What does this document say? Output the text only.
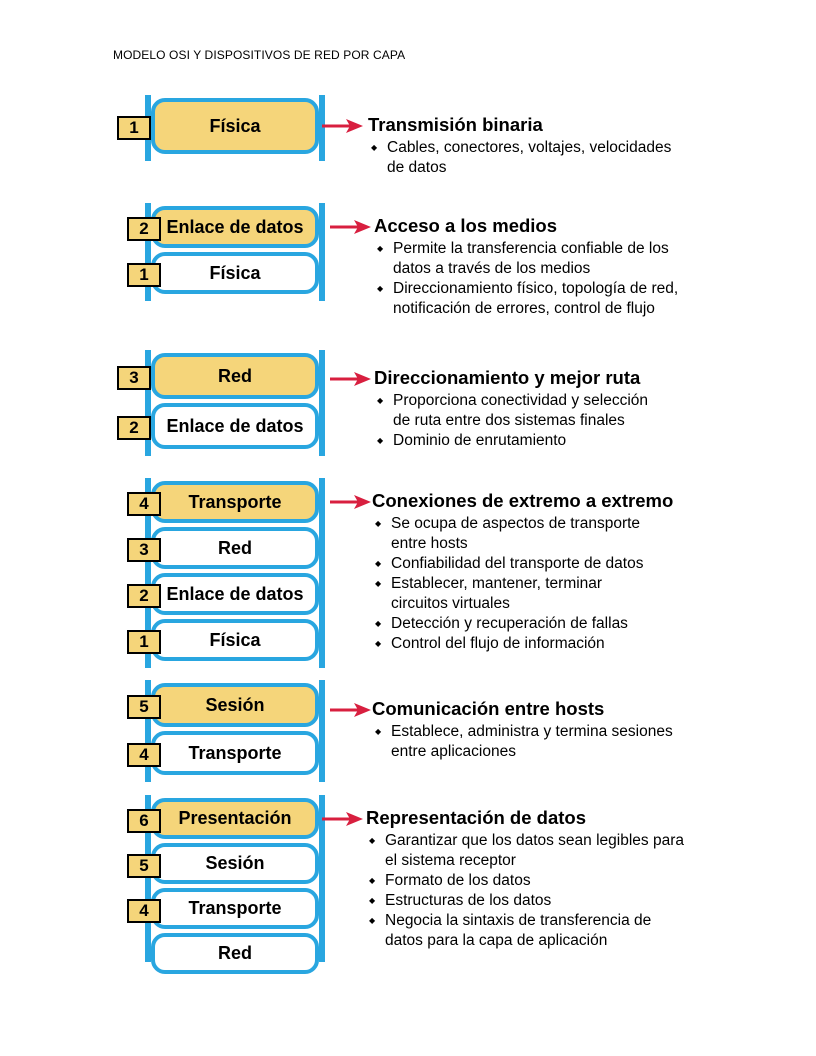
MODELO OSI Y DISPOSITIVOS DE RED POR CAPA
Física
1	Transmisión binaria
◆ Cables, conectores, voltajes, velocidades
de datos
Enlace de datos
Física
2
1
Acceso a los medios
◆ Permite la transferencia confiable de los
datos a través de los medios
◆ Direccionamiento físico, topología de red,
notificación de errores, control de flujo
Red
Enlace de datos
3
2
Direccionamiento y mejor ruta
◆ Proporciona conectividad y selección
de ruta entre dos sistemas finales
◆ Dominio de enrutamiento
Transporte
Red
Enlace de datos
Física
4
3
2
1
Conexiones de extremo a extremo
◆ Se ocupa de aspectos de transporte
entre hosts
◆ Confiabilidad del transporte de datos
◆ Establecer, mantener, terminar
circuitos virtuales
◆ Detección y recuperación de fallas
◆ Control del flujo de información
Sesión
Transporte
5
4
Comunicación entre hosts
◆ Establece, administra y termina sesiones
entre aplicaciones
Presentación
Sesión
Transporte
Red
6
5
4
Representación de datos
◆ Garantizar que los datos sean legibles para
el sistema receptor
◆ Formato de los datos
◆ Estructuras de los datos
◆ Negocia la sintaxis de transferencia de
datos para la capa de aplicación
